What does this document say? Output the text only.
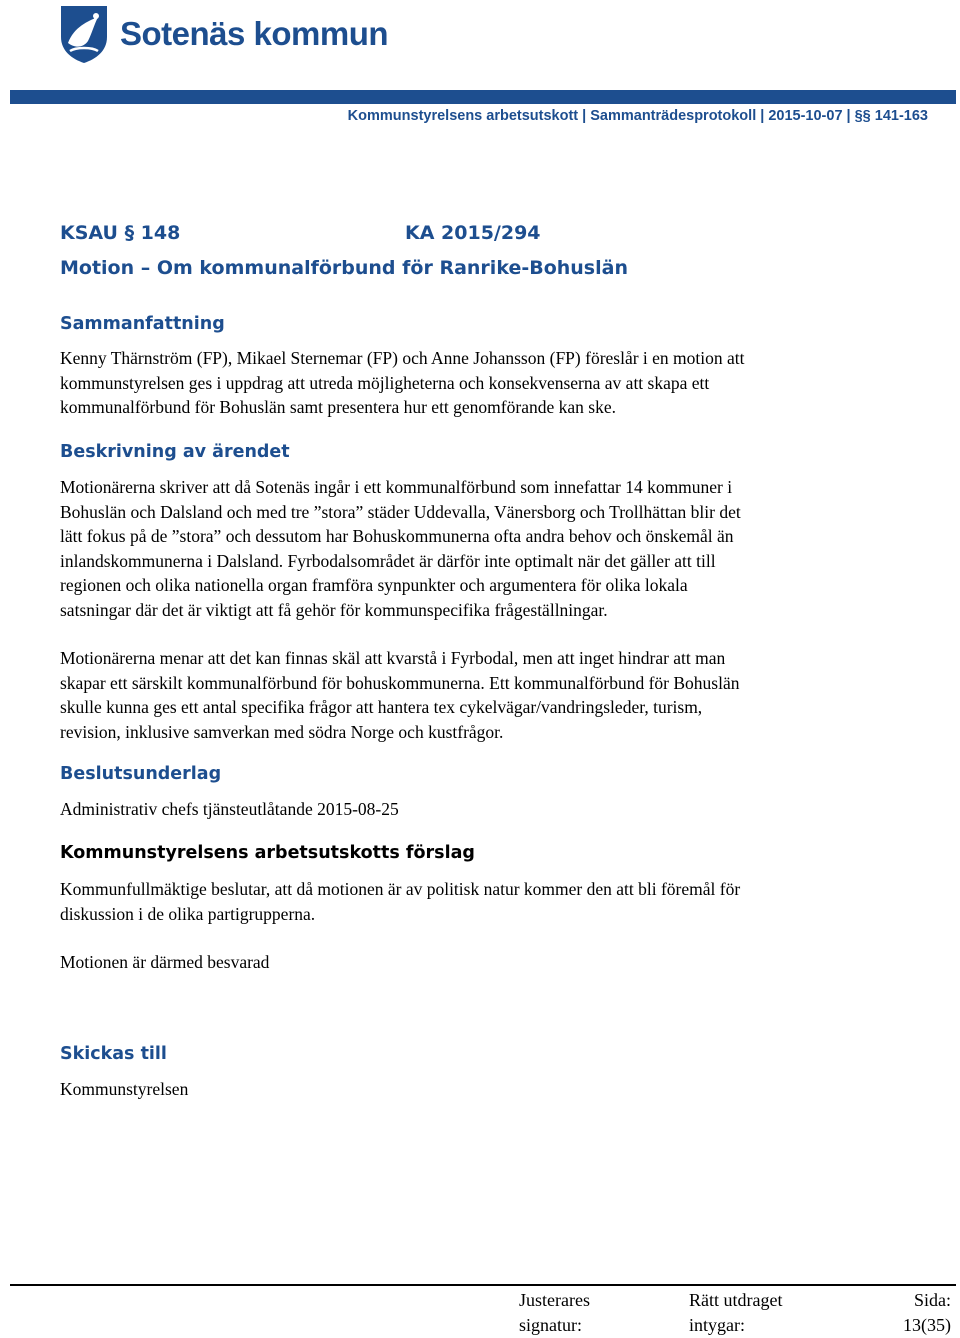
Sotenäs kommun
Kommunstyrelsens arbetsutskott | Sammanträdesprotokoll | 2015-10-07 | §§ 141-163
KSAU § 148	KA 2015/294
Motion – Om kommunalförbund för Ranrike-Bohuslän
Sammanfattning
Kenny Thärnström (FP), Mikael Sternemar (FP) och Anne Johansson (FP) föreslår i en motion att
kommunstyrelsen ges i uppdrag att utreda möjligheterna och konsekvenserna av att skapa ett
kommunalförbund för Bohuslän samt presentera hur ett genomförande kan ske.
Beskrivning av ärendet
Motionärerna skriver att då Sotenäs ingår i ett kommunalförbund som innefattar 14 kommuner i
Bohuslän och Dalsland och med tre ”stora” städer Uddevalla, Vänersborg och Trollhättan blir det
lätt fokus på de ”stora” och dessutom har Bohuskommunerna ofta andra behov och önskemål än
inlandskommunerna i Dalsland. Fyrbodalsområdet är därför inte optimalt när det gäller att till
regionen och olika nationella organ framföra synpunkter och argumentera för olika lokala
satsningar där det är viktigt att få gehör för kommunspecifika frågeställningar.
Motionärerna menar att det kan finnas skäl att kvarstå i Fyrbodal, men att inget hindrar att man
skapar ett särskilt kommunalförbund för bohuskommunerna. Ett kommunalförbund för Bohuslän
skulle kunna ges ett antal specifika frågor att hantera tex cykelvägar/vandringsleder, turism,
revision, inklusive samverkan med södra Norge och kustfrågor.
Beslutsunderlag
Administrativ chefs tjänsteutlåtande 2015-08-25
Kommunstyrelsens arbetsutskotts förslag
Kommunfullmäktige beslutar, att då motionen är av politisk natur kommer den att bli föremål för
diskussion i de olika partigrupperna.
Motionen är därmed besvarad
Skickas till
Kommunstyrelsen
Justerares
signatur:
Rätt utdraget
intygar:
Sida:
13(35)
